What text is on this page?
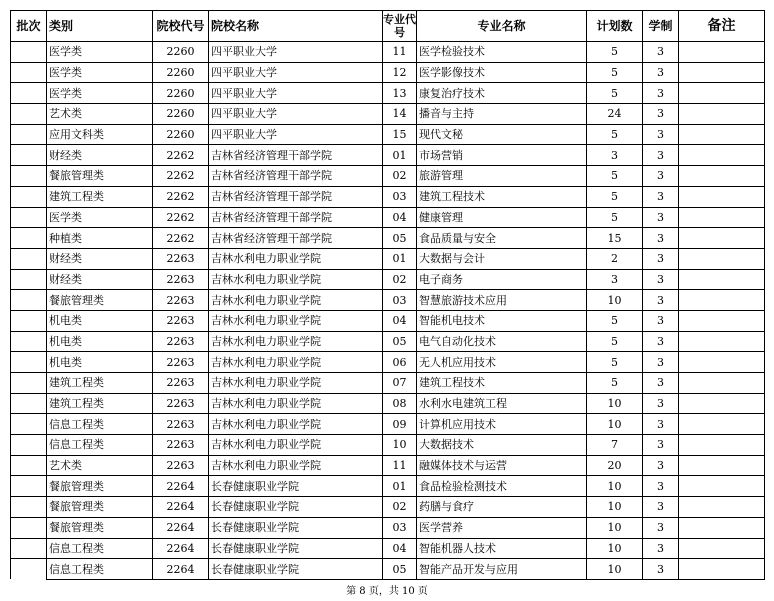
批次	类别	院校代号	院校名称	专业代号	专业名称	计划数	学制	备注
	医学类	2260	四平职业大学	11	医学检验技术	5	3	
	医学类	2260	四平职业大学	12	医学影像技术	5	3	
	医学类	2260	四平职业大学	13	康复治疗技术	5	3	
	艺术类	2260	四平职业大学	14	播音与主持	24	3	
	应用文科类	2260	四平职业大学	15	现代文秘	5	3	
	财经类	2262	吉林省经济管理干部学院	01	市场营销	3	3	
	餐旅管理类	2262	吉林省经济管理干部学院	02	旅游管理	5	3	
	建筑工程类	2262	吉林省经济管理干部学院	03	建筑工程技术	5	3	
	医学类	2262	吉林省经济管理干部学院	04	健康管理	5	3	
	种植类	2262	吉林省经济管理干部学院	05	食品质量与安全	15	3	
	财经类	2263	吉林水利电力职业学院	01	大数据与会计	2	3	
	财经类	2263	吉林水利电力职业学院	02	电子商务	3	3	
	餐旅管理类	2263	吉林水利电力职业学院	03	智慧旅游技术应用	10	3	
	机电类	2263	吉林水利电力职业学院	04	智能机电技术	5	3	
	机电类	2263	吉林水利电力职业学院	05	电气自动化技术	5	3	
	机电类	2263	吉林水利电力职业学院	06	无人机应用技术	5	3	
	建筑工程类	2263	吉林水利电力职业学院	07	建筑工程技术	5	3	
	建筑工程类	2263	吉林水利电力职业学院	08	水利水电建筑工程	10	3	
	信息工程类	2263	吉林水利电力职业学院	09	计算机应用技术	10	3	
	信息工程类	2263	吉林水利电力职业学院	10	大数据技术	7	3	
	艺术类	2263	吉林水利电力职业学院	11	融媒体技术与运营	20	3	
	餐旅管理类	2264	长春健康职业学院	01	食品检验检测技术	10	3	
	餐旅管理类	2264	长春健康职业学院	02	药膳与食疗	10	3	
	餐旅管理类	2264	长春健康职业学院	03	医学营养	10	3	
	信息工程类	2264	长春健康职业学院	04	智能机器人技术	10	3	
	信息工程类	2264	长春健康职业学院	05	智能产品开发与应用	10	3	
第 8 页，共 10 页
